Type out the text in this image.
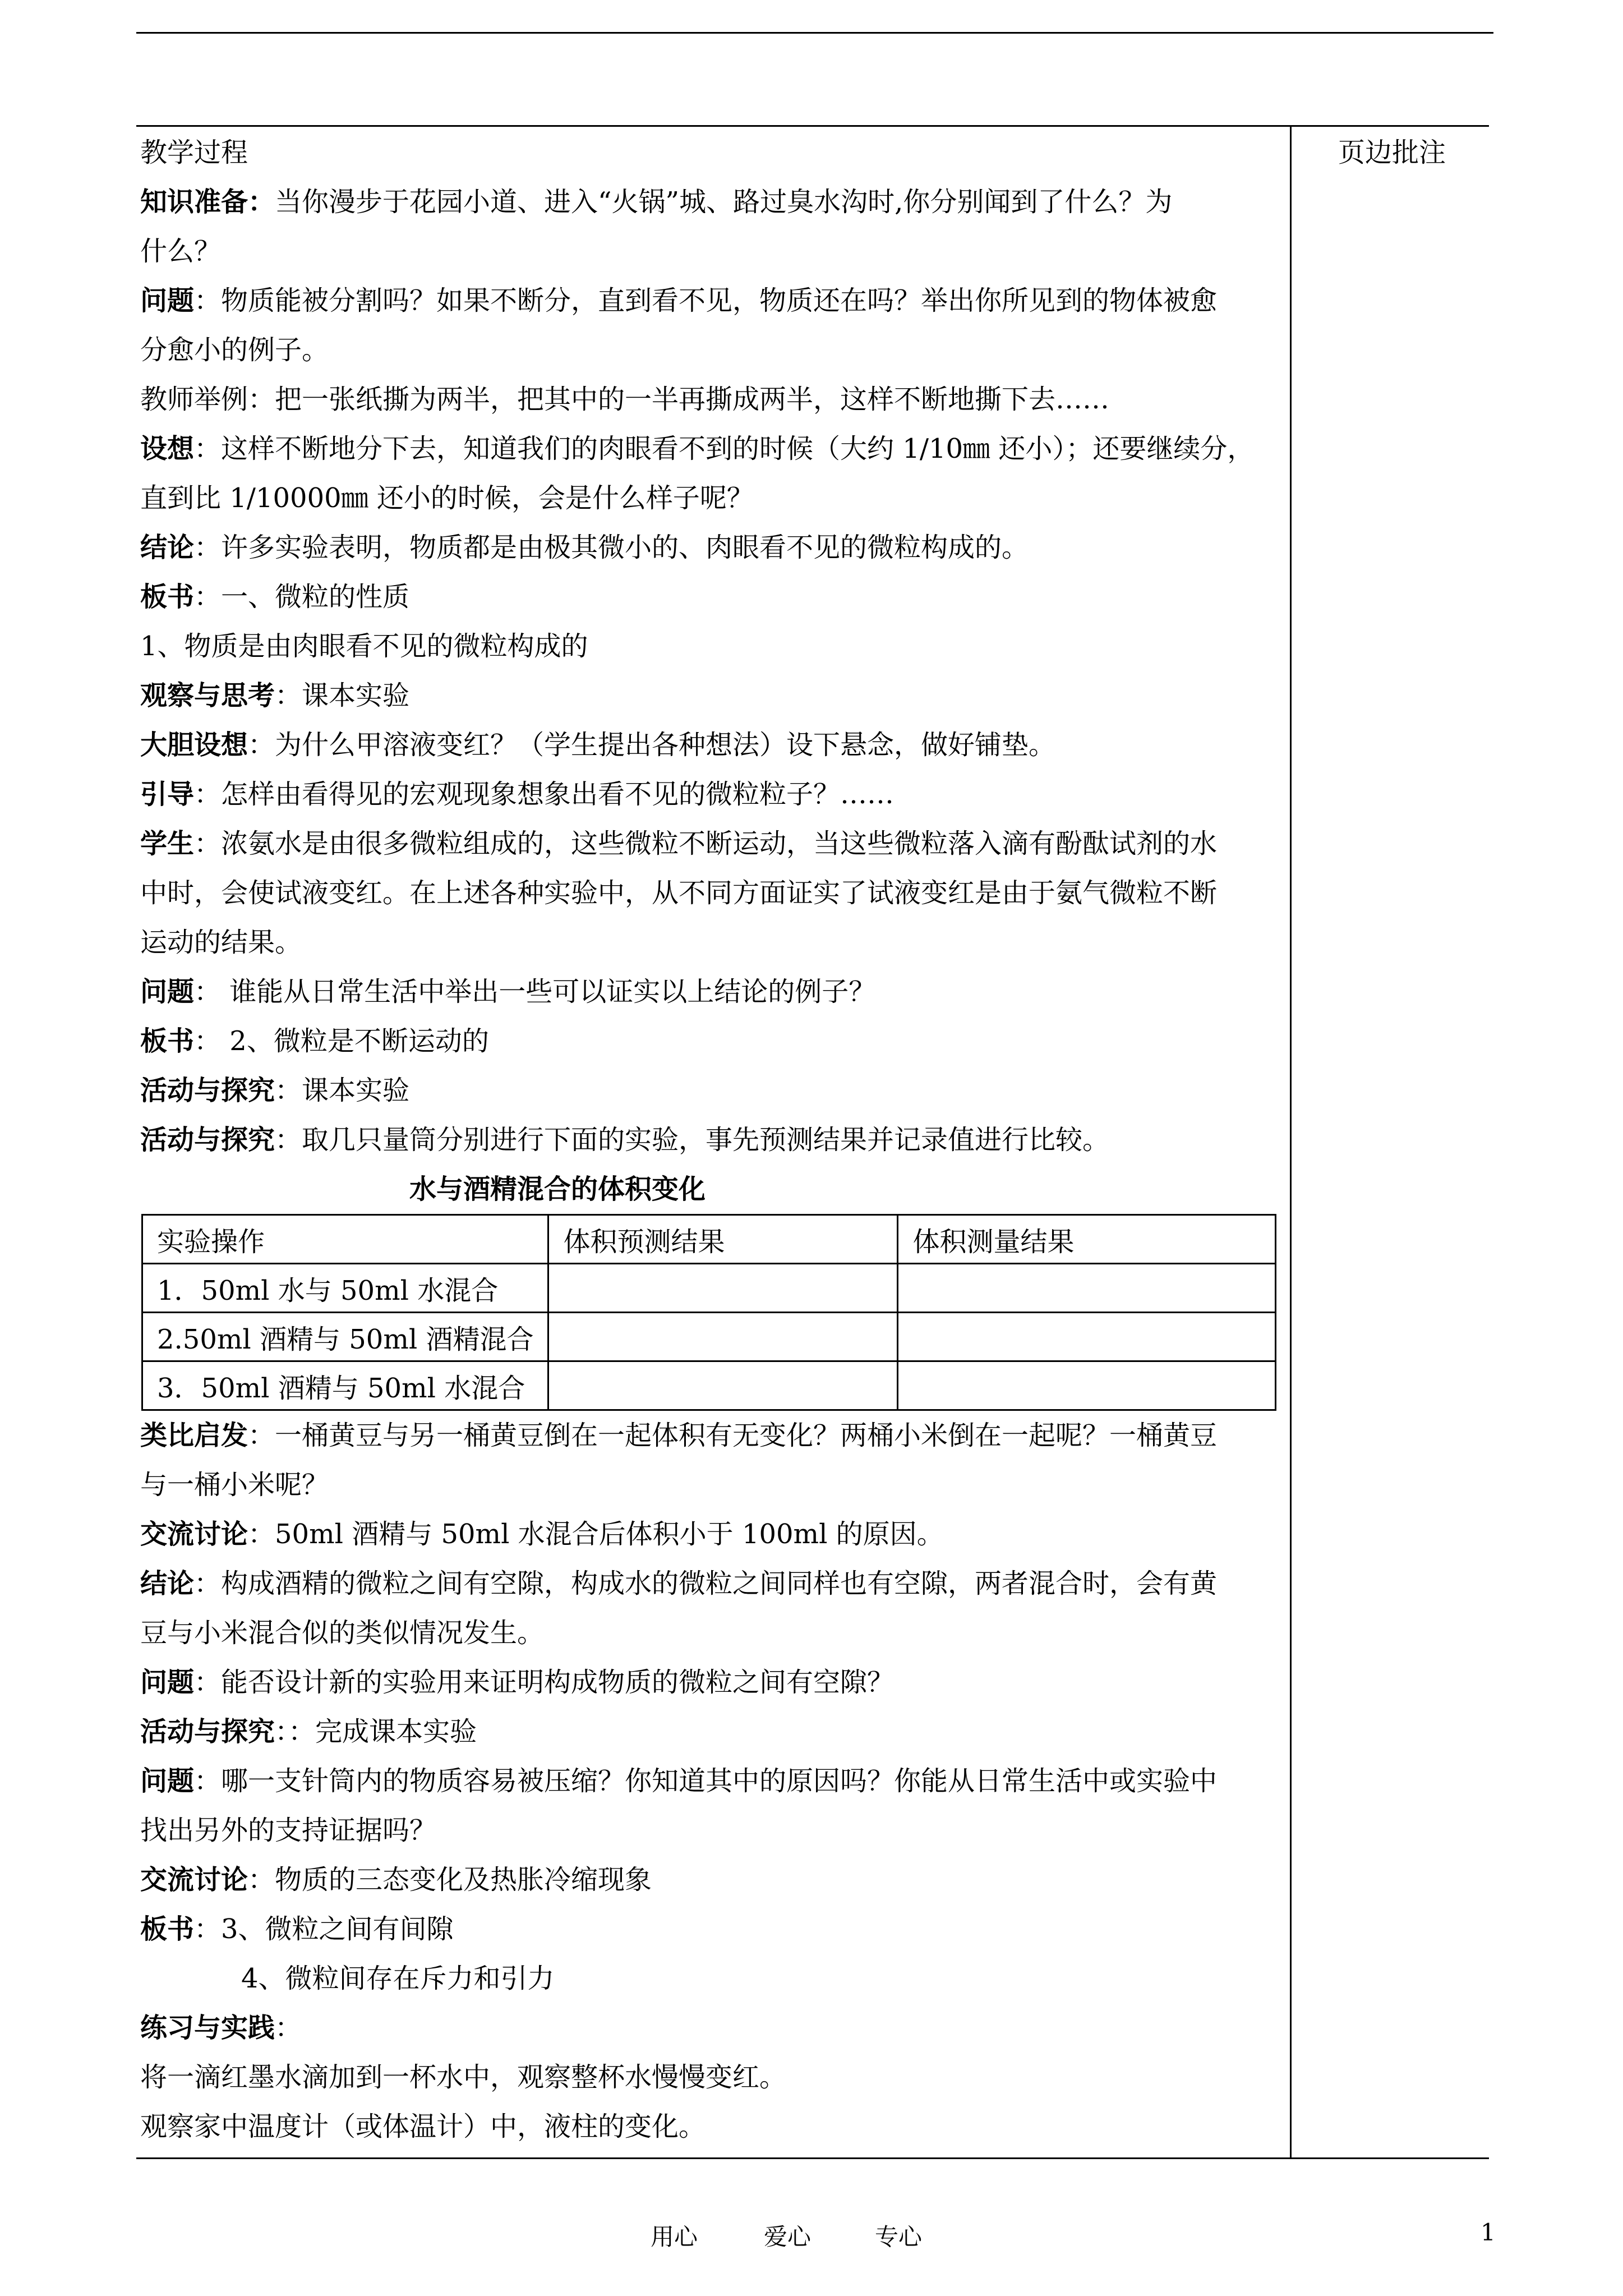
页边批注
教学过程
知识准备：当你漫步于花园小道、进入“火锅”城、路过臭水沟时,你分别闻到了什么？为
什么？
问题：物质能被分割吗？如果不断分，直到看不见，物质还在吗？举出你所见到的物体被愈
分愈小的例子。
教师举例：把一张纸撕为两半，把其中的一半再撕成两半，这样不断地撕下去……
设想：这样不断地分下去，知道我们的肉眼看不到的时候（大约 1/10㎜ 还小）；还要继续分，
直到比 1/10000㎜ 还小的时候，会是什么样子呢？
结论：许多实验表明，物质都是由极其微小的、肉眼看不见的微粒构成的。
板书：一、微粒的性质
1、物质是由肉眼看不见的微粒构成的
观察与思考：课本实验
大胆设想：为什么甲溶液变红？（学生提出各种想法）设下悬念，做好铺垫。
引导：怎样由看得见的宏观现象想象出看不见的微粒粒子？……
学生：浓氨水是由很多微粒组成的，这些微粒不断运动，当这些微粒落入滴有酚酞试剂的水
中时，会使试液变红。在上述各种实验中，从不同方面证实了试液变红是由于氨气微粒不断
运动的结果。
问题： 谁能从日常生活中举出一些可以证实以上结论的例子？
板书： 2、微粒是不断运动的
活动与探究：课本实验
活动与探究：取几只量筒分别进行下面的实验，事先预测结果并记录值进行比较。
水与酒精混合的体积变化
实验操作	体积预测结果	体积测量结果
1．50ml 水与 50ml 水混合		
2.50ml 酒精与 50ml 酒精混合		
3．50ml 酒精与 50ml 水混合		
类比启发：一桶黄豆与另一桶黄豆倒在一起体积有无变化？两桶小米倒在一起呢？一桶黄豆
与一桶小米呢？
交流讨论：50ml 酒精与 50ml 水混合后体积小于 100ml 的原因。
结论：构成酒精的微粒之间有空隙，构成水的微粒之间同样也有空隙，两者混合时，会有黄
豆与小米混合似的类似情况发生。
问题：能否设计新的实验用来证明构成物质的微粒之间有空隙？
活动与探究：：完成课本实验
问题：哪一支针筒内的物质容易被压缩？你知道其中的原因吗？你能从日常生活中或实验中
找出另外的支持证据吗？
交流讨论：物质的三态变化及热胀冷缩现象
板书：3、微粒之间有间隙
4、微粒间存在斥力和引力
练习与实践：
将一滴红墨水滴加到一杯水中，观察整杯水慢慢变红。
观察家中温度计（或体温计）中，液柱的变化。
用心	爱心	专心	1
